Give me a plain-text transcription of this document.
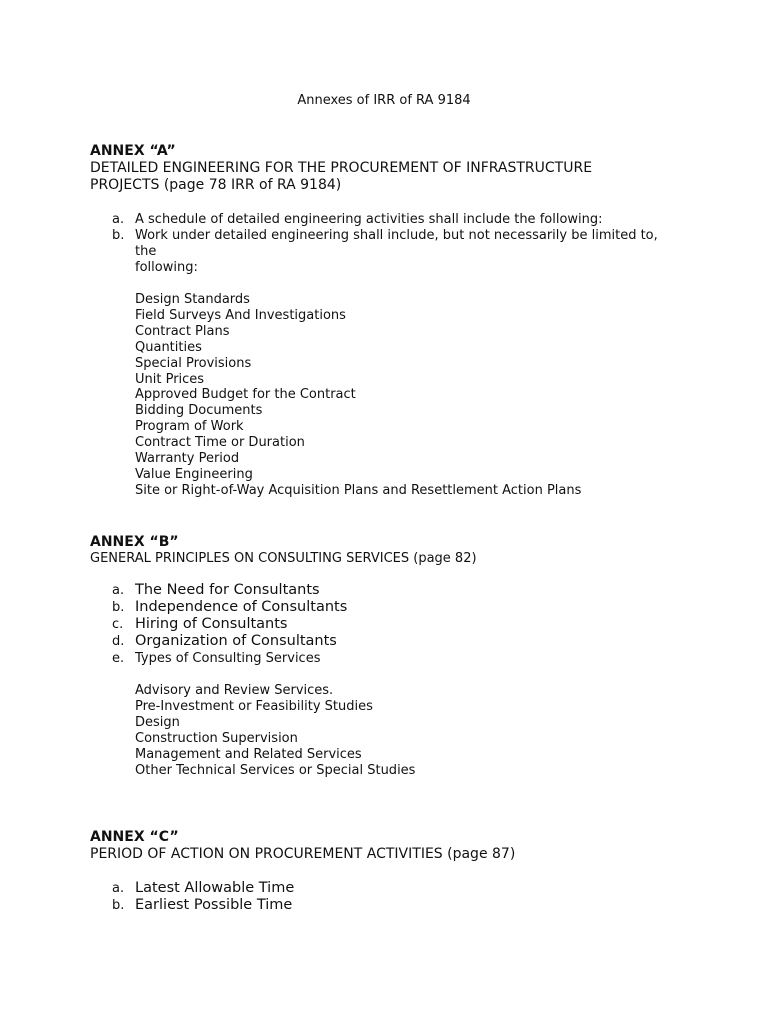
Annexes of IRR of RA 9184
ANNEX “A”
DETAILED ENGINEERING FOR THE PROCUREMENT OF INFRASTRUCTURE
PROJECTS (page 78 IRR of RA 9184)
a. A schedule of detailed engineering activities shall include the following:
b. Work under detailed engineering shall include, but not necessarily be limited to,
the
following:
Design Standards
Field Surveys And Investigations
Contract Plans
Quantities
Special Provisions
Unit Prices
Approved Budget for the Contract
Bidding Documents
Program of Work
Contract Time or Duration
Warranty Period
Value Engineering
Site or Right-of-Way Acquisition Plans and Resettlement Action Plans
ANNEX “B”
GENERAL PRINCIPLES ON CONSULTING SERVICES (page 82)
a. The Need for Consultants
b. Independence of Consultants
c. Hiring of Consultants
d. Organization of Consultants
e. Types of Consulting Services
Advisory and Review Services.
Pre-Investment or Feasibility Studies
Design
Construction Supervision
Management and Related Services
Other Technical Services or Special Studies
ANNEX “C”
PERIOD OF ACTION ON PROCUREMENT ACTIVITIES (page 87)
a. Latest Allowable Time
b. Earliest Possible Time
